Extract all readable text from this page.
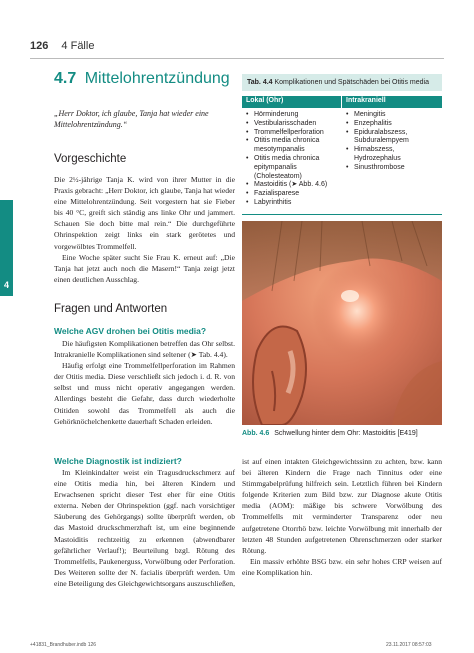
126 4 Fälle
4
4.7 Mittelohrentzündung
„Herr Doktor, ich glaube, Tanja hat wieder eine Mittelohrentzündung.“
Vorgeschichte

Die 2½-jährige Tanja K. wird von ihrer Mutter in die Praxis gebracht: „Herr Doktor, ich glaube, Tanja hat wieder eine Mittelohrentzündung. Seit vorgestern hat sie Fieber bis 40 °C, greift sich ständig ans linke Ohr und jammert. Schauen Sie doch bitte mal rein.“ Die durchgeführte Ohrinspektion zeigt links ein stark gerötetes und vorgewölbtes Trommelfell.

Eine Woche später sucht Sie Frau K. erneut auf: „Die Tanja hat jetzt auch noch die Masern!“ Tanja zeigt jetzt einen deutlichen Ausschlag.

Fragen und Antworten
Welche AGV drohen bei Otitis media?

Die häufigsten Komplikationen betreffen das Ohr selbst. Intrakranielle Komplikationen sind seltener (➤ Tab. 4.4).

Häufig erfolgt eine Trommelfellperforation im Rahmen der Otitis media. Diese verschließt sich jedoch i. d. R. von selbst und muss nicht operativ angegangen werden. Allerdings besteht die Gefahr, dass durch wiederholte Otitiden sowohl das Trommelfell als auch die Gehörknöchelchenkette dauerhaft Schaden erleiden.

Welche Diagnostik ist indiziert?

Im Kleinkindalter weist ein Tragusdruckschmerz auf eine Otitis media hin, bei älteren Kindern und Erwachsenen spricht dieser Test eher für eine Otitis externa. Neben der Ohrinspektion (ggf. nach vorsichtiger Säuberung des Gehörgangs) sollte überprüft werden, ob das Mastoid druckschmerzhaft ist, um eine beginnende Mastoiditis rechtzeitig zu erkennen (abwendbarer gefährlicher Verlauf!); Beurteilung bzgl. Rötung des Trommelfells, Paukenerguss, Vorwölbung oder Perforation. Des Weiteren sollte der N. facialis überprüft werden. Um eine Beteiligung des Gleichgewichtsorgans auszuschließen,

Tab. 4.4 Komplikationen und Spätschäden bei Otitis media
Lokal (Ohr)	Intrakraniell
• Hörminderung
• Vestibularisschaden
• Trommelfellperforation
• Otitis media chronica mesotympanalis
• Otitis media chronica epitympanalis (Cholesteatom)
• Mastoiditis (➤ Abb. 4.6)
• Fazialisparese
• Labyrinthitis
• Meningitis
• Enzephalitis
• Epiduralabszess, Subduralempyem
• Hirnabszess, Hydrozephalus
• Sinusthrombose
Abb. 4.6 Schwellung hinter dem Ohr: Mastoiditis [E419]

ist auf einen intakten Gleichgewichtssinn zu achten, bzw. kann bei älteren Kindern die Frage nach Tinnitus oder eine Stimmgabelprüfung hilfreich sein. Letztlich führen bei Kindern folgende Kriterien zum Bild bzw. zur Diagnose akute Otitis media (AOM): mäßige bis schwere Vorwölbung des Trommelfells mit verminderter Transparenz oder neu aufgetretene Otorrhö bzw. leichte Vorwölbung mit innerhalb der letzten 48 Stunden aufgetretenen Ohrenschmerzen oder starker Rötung.

Ein massiv erhöhte BSG bzw. ein sehr hohes CRP weisen auf eine Komplikation hin.

+41831_Brandhuber.indb 126	23.11.2017 08:57:03
